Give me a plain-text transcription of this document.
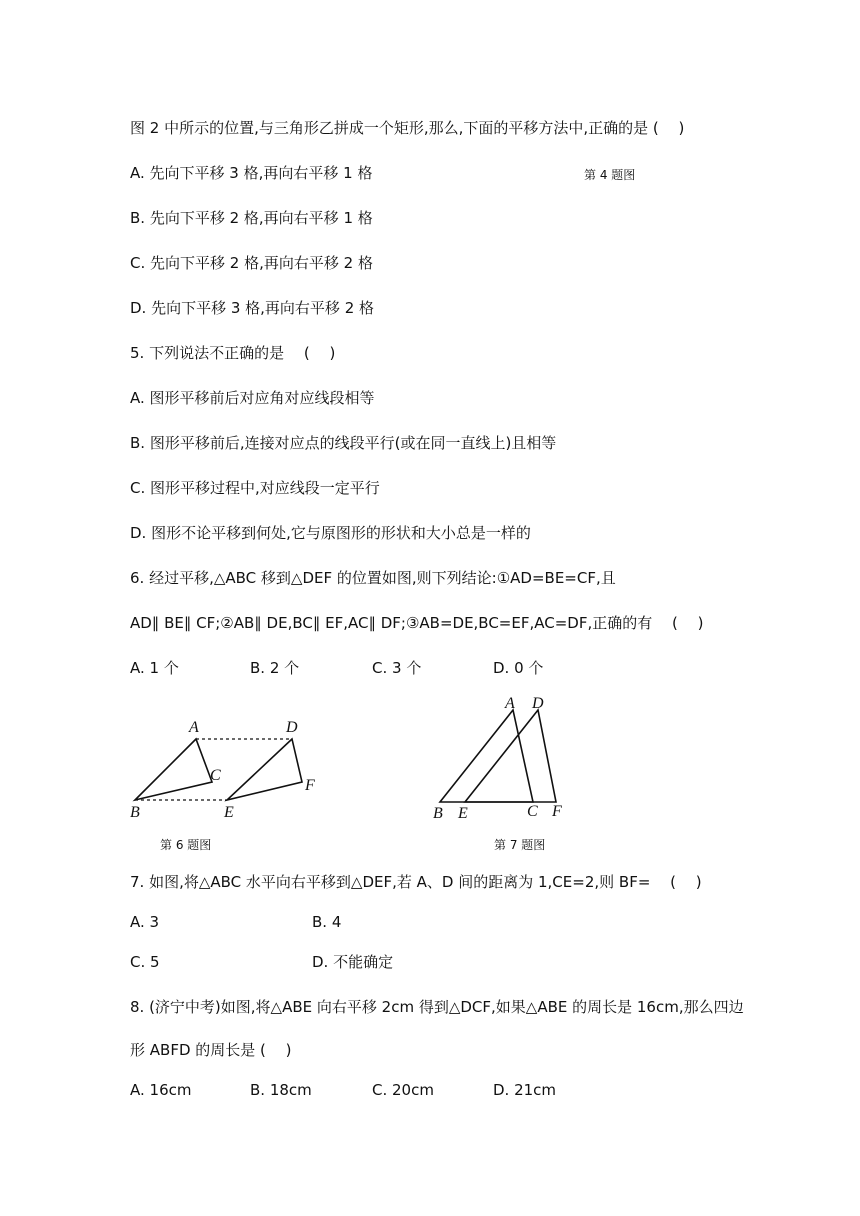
图 2 中所示的位置,与三角形乙拼成一个矩形,那么,下面的平移方法中,正确的是 (　 )
A. 先向下平移 3 格,再向右平移 1 格	第 4 题图
B. 先向下平移 2 格,再向右平移 1 格
C. 先向下平移 2 格,再向右平移 2 格
D. 先向下平移 3 格,再向右平移 2 格
5. 下列说法不正确的是　 (　 )
A. 图形平移前后对应角对应线段相等
B. 图形平移前后,连接对应点的线段平行(或在同一直线上)且相等
C. 图形平移过程中,对应线段一定平行
D. 图形不论平移到何处,它与原图形的形状和大小总是一样的
6. 经过平移,△ABC 移到△DEF 的位置如图,则下列结论:①AD=BE=CF,且
AD∥ BE∥ CF;②AB∥ DE,BC∥ EF,AC∥ DF;③AB=DE,BC=EF,AC=DF,正确的有　 (　 )
A. 1 个	B. 2 个	C. 3 个	D. 0 个
A
B
C
D
E
F
第 6 题图
A D
B E	C F
第 7 题图
7. 如图,将△ABC 水平向右平移到△DEF,若 A、D 间的距离为 1,CE=2,则 BF=　 (　 )
A. 3	B. 4
C. 5	D. 不能确定
8. (济宁中考)如图,将△ABE 向右平移 2cm 得到△DCF,如果△ABE 的周长是 16cm,那么四边
形 ABFD 的周长是 (　 )
A. 16cm	B. 18cm	C. 20cm	D. 21cm
